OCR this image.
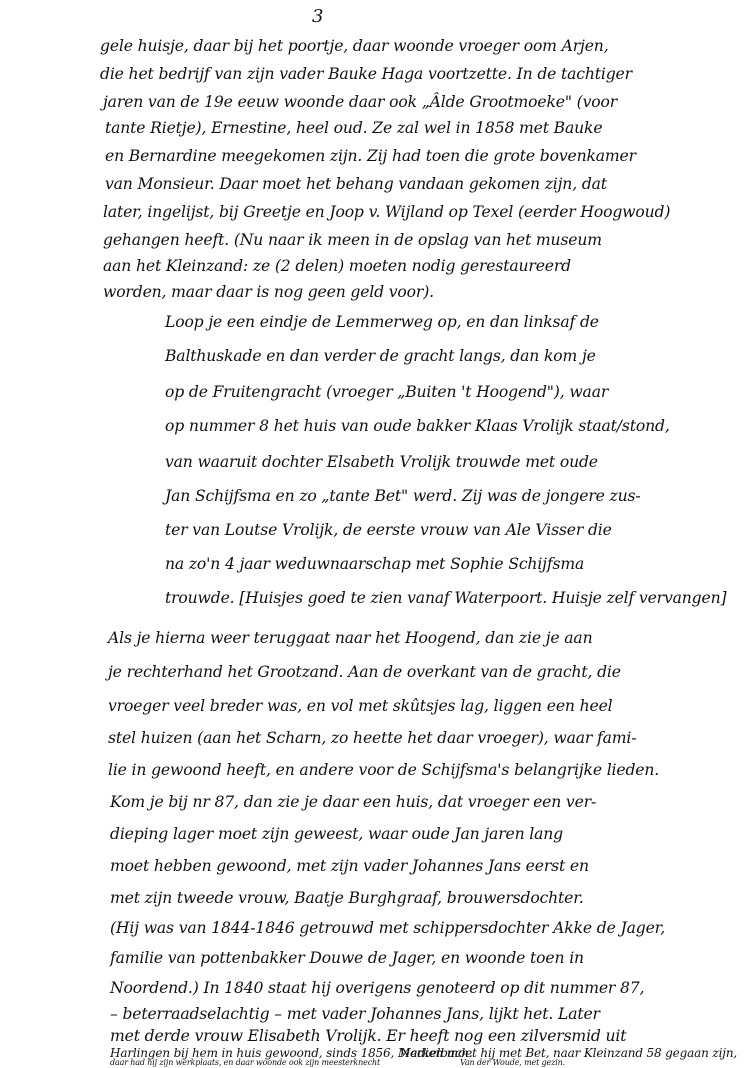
3
gele huisje, daar bij het poortje, daar woonde vroeger oom Arjen,
die het bedrijf van zijn vader Bauke Haga voortzette. In de tachtiger
jaren van de 19e eeuw woonde daar ook „Âlde Grootmoeke" (voor
tante Rietje), Ernestine, heel oud. Ze zal wel in 1858 met Bauke
en Bernardine meegekomen zijn. Zij had toen die grote bovenkamer
van Monsieur. Daar moet het behang vandaan gekomen zijn, dat
later, ingelijst, bij Greetje en Joop v. Wijland op Texel (eerder Hoogwoud)
gehangen heeft. (Nu naar ik meen in de opslag van het museum
aan het Kleinzand: ze (2 delen) moeten nodig gerestaureerd
worden, maar daar is nog geen geld voor).
Loop je een eindje de Lemmerweg op, en dan linksaf de
Balthuskade en dan verder de gracht langs, dan kom je
op de Fruitengracht (vroeger „Buiten 't Hoogend"), waar
op nummer 8 het huis van oude bakker Klaas Vrolijk staat/stond,
van waaruit dochter Elsabeth Vrolijk trouwde met oude
Jan Schijfsma en zo „tante Bet" werd. Zij was de jongere zus-
ter van Loutse Vrolijk, de eerste vrouw van Ale Visser die
na zo'n 4 jaar weduwnaarschap met Sophie Schijfsma
trouwde. [Huisjes goed te zien vanaf Waterpoort. Huisje zelf vervangen]
Als je hierna weer teruggaat naar het Hoogend, dan zie je aan
je rechterhand het Grootzand. Aan de overkant van de gracht, die
vroeger veel breder was, en vol met skûtsjes lag, liggen een heel
stel huizen (aan het Scharn, zo heette het daar vroeger), waar fami-
lie in gewoond heeft, en andere voor de Schijfsma's belangrijke lieden.
Kom je bij nr 87, dan zie je daar een huis, dat vroeger een ver-
dieping lager moet zijn geweest, waar oude Jan jaren lang
moet hebben gewoond, met zijn vader Johannes Jans eerst en
met zijn tweede vrouw, Baatje Burghgraaf, brouwersdochter.
(Hij was van 1844-1846 getrouwd met schippersdochter Akke de Jager,
familie van pottenbakker Douwe de Jager, en woonde toen in
Noordend.) In 1840 staat hij overigens genoteerd op dit nummer 87,
– beterraadselachtig – met vader Johannes Jans, lijkt het. Later
met derde vrouw Elisabeth Vrolijk. Er heeft nog een zilversmid uit
Harlingen bij hem in huis gewoond, sinds 1856, Merkelbach.
Nadien moet hij met Bet, naar Kleinzand 58 gegaan zijn,
daar had hij zijn werkplaats, en daar woonde ook zijn meesterknecht	Van der Woude, met gezin.
